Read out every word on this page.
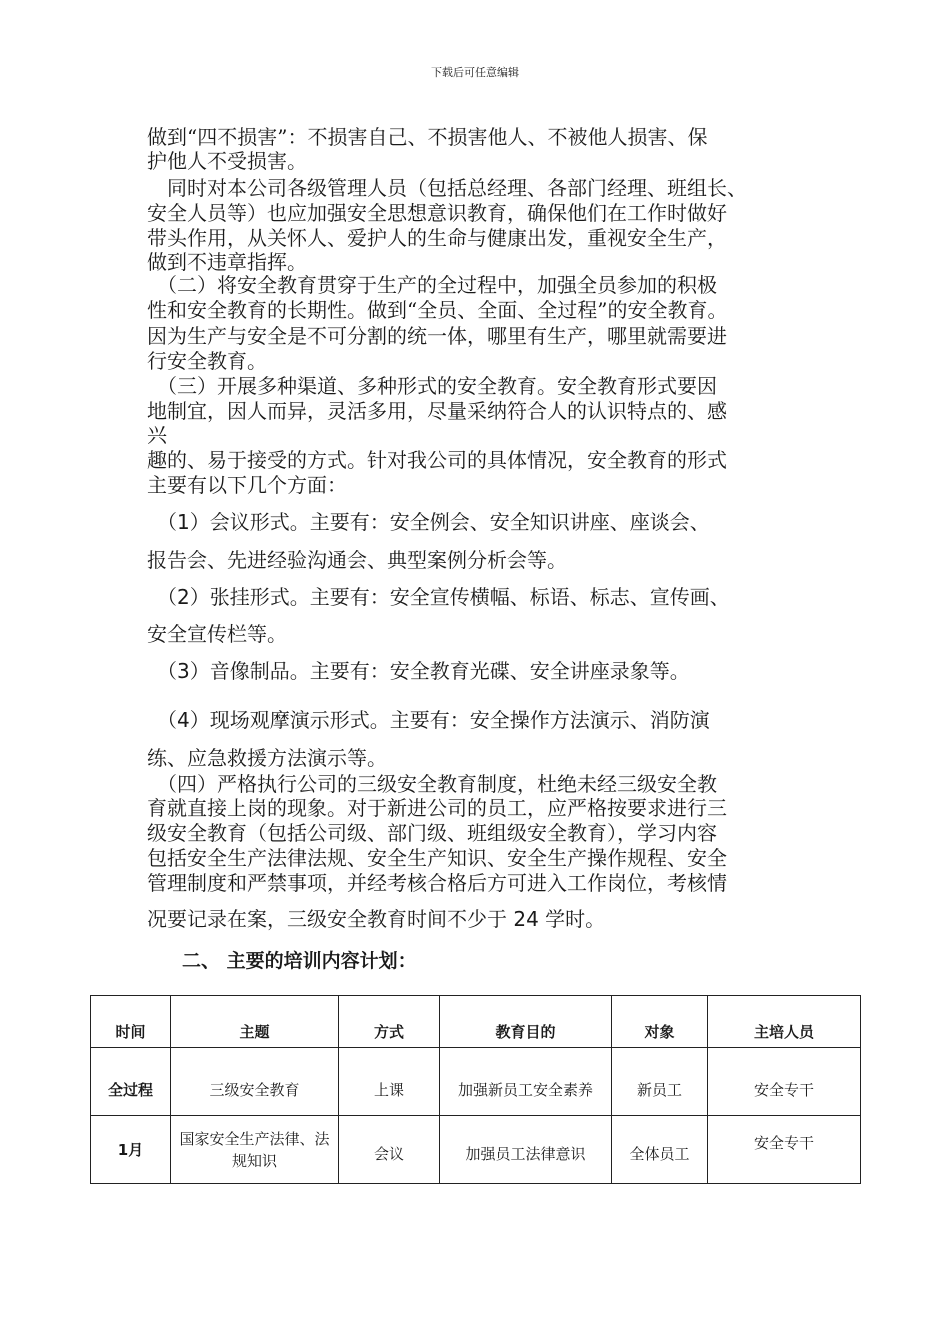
下载后可任意编辑
做到“四不损害”：不损害自己、不损害他人、不被他人损害、保
护他人不受损害。
　同时对本公司各级管理人员（包括总经理、各部门经理、班组长、
安全人员等）也应加强安全思想意识教育，确保他们在工作时做好
带头作用，从关怀人、爱护人的生命与健康出发，重视安全生产，
做到不违章指挥。
　（二）将安全教育贯穿于生产的全过程中，加强全员参加的积极
性和安全教育的长期性。做到“全员、全面、全过程”的安全教育。
因为生产与安全是不可分割的统一体，哪里有生产，哪里就需要进
行安全教育。
　（三）开展多种渠道、多种形式的安全教育。安全教育形式要因
地制宜，因人而异，灵活多用，尽量采纳符合人的认识特点的、感
兴
趣的、易于接受的方式。针对我公司的具体情况，安全教育的形式
主要有以下几个方面：
　（1）会议形式。主要有：安全例会、安全知识讲座、座谈会、
报告会、先进经验沟通会、典型案例分析会等。
　（2）张挂形式。主要有：安全宣传横幅、标语、标志、宣传画、
安全宣传栏等。
　（3）音像制品。主要有：安全教育光碟、安全讲座录象等。
　（4）现场观摩演示形式。主要有：安全操作方法演示、消防演
练、应急救援方法演示等。
　（四）严格执行公司的三级安全教育制度，杜绝未经三级安全教
育就直接上岗的现象。对于新进公司的员工，应严格按要求进行三
级安全教育（包括公司级、部门级、班组级安全教育），学习内容
包括安全生产法律法规、安全生产知识、安全生产操作规程、安全
管理制度和严禁事项，并经考核合格后方可进入工作岗位，考核情
况要记录在案，三级安全教育时间不少于 24 学时。
二、 主要的培训内容计划：
时间	主题	方式	教育目的	对象	主培人员
全过程	三级安全教育	上课	加强新员工安全素养	新员工	安全专干
1月	国家安全生产法律、法规知识	会议	加强员工法律意识	全体员工	安全专干
